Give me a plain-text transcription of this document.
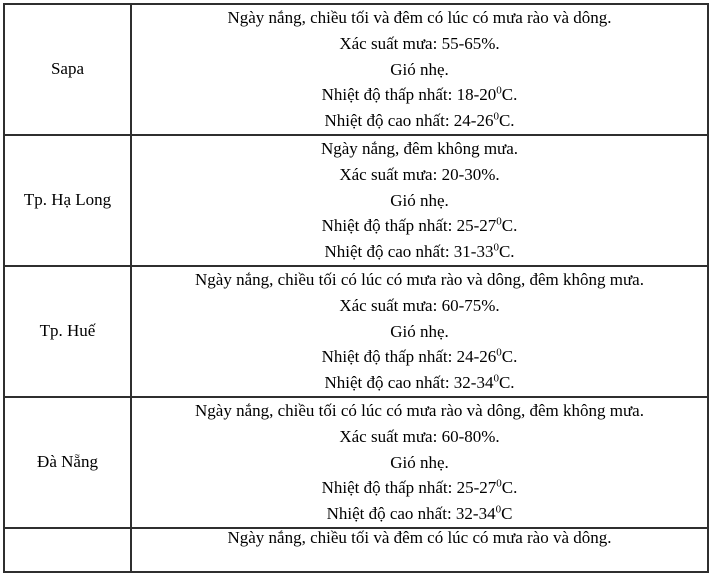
Sapa	Ngày nắng, chiều tối và đêm có lúc có mưa rào và dông.
Xác suất mưa: 55-65%.
Gió nhẹ.
Nhiệt độ thấp nhất: $18-20^0C$.
Nhiệt độ cao nhất: $24-26^0C$.

Tp. Hạ Long	Ngày nắng, đêm không mưa.
Xác suất mưa: 20-30%.
Gió nhẹ.
Nhiệt độ thấp nhất: $25-27^0C$.
Nhiệt độ cao nhất: $31-33^0C$.

Tp. Huế	Ngày nắng, chiều tối có lúc có mưa rào và dông, đêm không mưa.
Xác suất mưa: 60-75%.
Gió nhẹ.
Nhiệt độ thấp nhất: $24-26^0C$.
Nhiệt độ cao nhất: $32-34^0C$.

Đà Nẵng	Ngày nắng, chiều tối có lúc có mưa rào và dông, đêm không mưa.
Xác suất mưa: 60-80%.
Gió nhẹ.
Nhiệt độ thấp nhất: $25-27^0C$.
Nhiệt độ cao nhất: $32-34^0C$

	Ngày nắng, chiều tối và đêm có lúc có mưa rào và dông.
